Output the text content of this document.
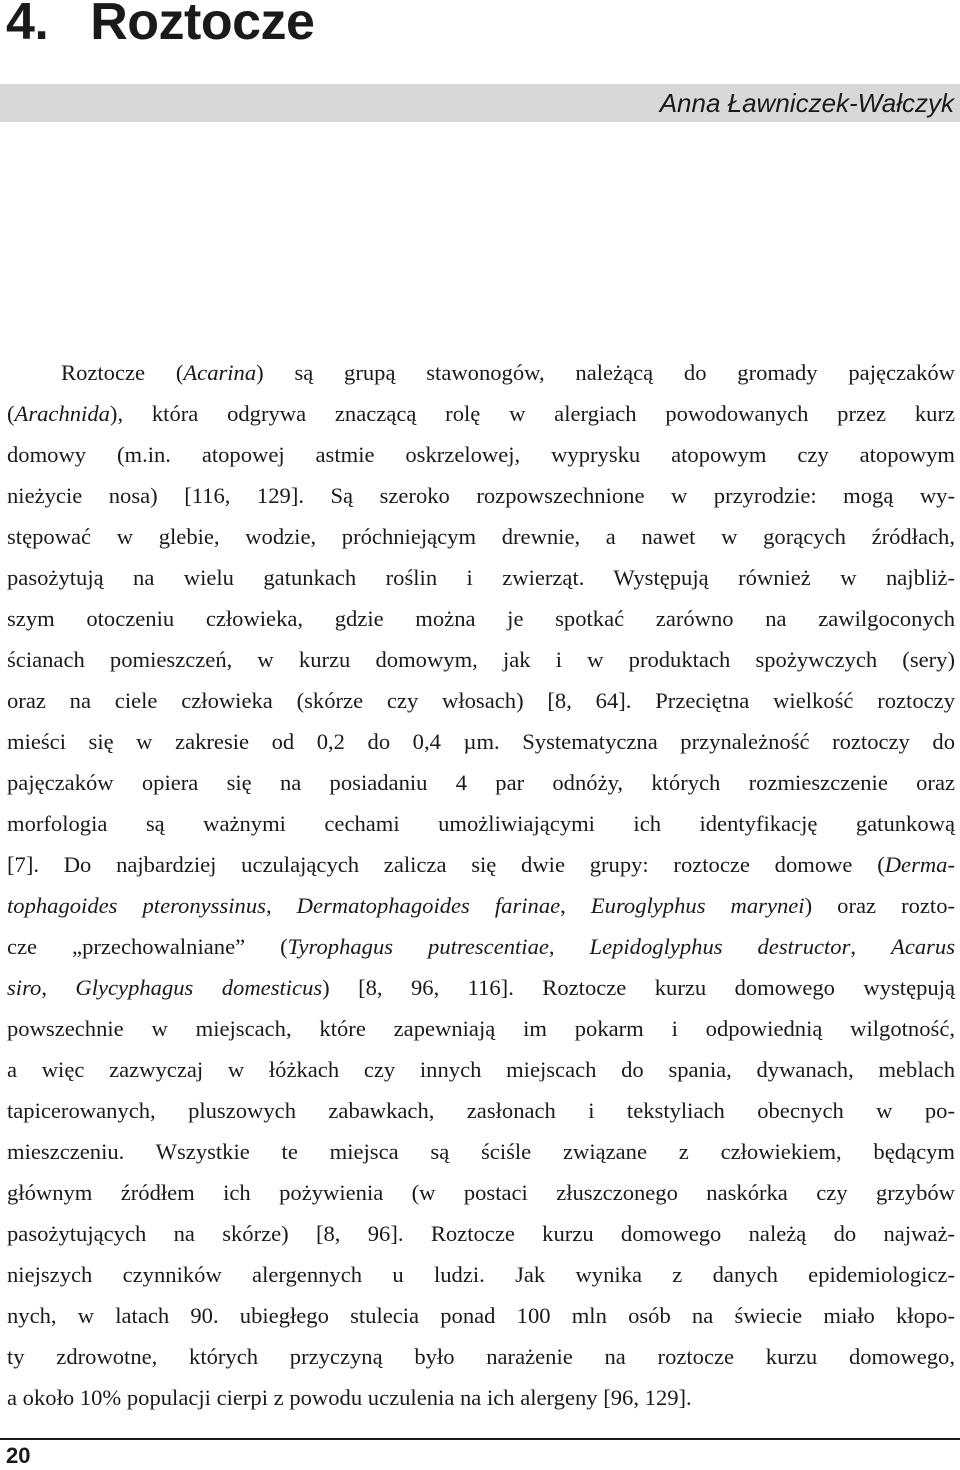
4.   Roztocze

Anna Ławniczek-Wałczyk

Roztocze (Acarina) są grupą stawonogów, należącą do gromady pajęczaków
(Arachnida), która odgrywa znaczącą rolę w alergiach powodowanych przez kurz
domowy (m.in. atopowej astmie oskrzelowej, wyprysku atopowym czy atopowym
nieżycie nosa) [116, 129]. Są szeroko rozpowszechnione w przyrodzie: mogą wy-
stępować w glebie, wodzie, próchniejącym drewnie, a nawet w gorących źródłach,
pasożytują na wielu gatunkach roślin i zwierząt. Występują również w najbliż-
szym otoczeniu człowieka, gdzie można je spotkać zarówno na zawilgoconych
ścianach pomieszczeń, w kurzu domowym, jak i w produktach spożywczych (sery)
oraz na ciele człowieka (skórze czy włosach) [8, 64]. Przeciętna wielkość roztoczy
mieści się w zakresie od 0,2 do 0,4 µm. Systematyczna przynależność roztoczy do
pajęczaków opiera się na posiadaniu 4 par odnóży, których rozmieszczenie oraz
morfologia są ważnymi cechami umożliwiającymi ich identyfikację gatunkową
[7]. Do najbardziej uczulających zalicza się dwie grupy: roztocze domowe (Derma-
tophagoides pteronyssinus, Dermatophagoides farinae, Euroglyphus marynei) oraz rozto-
cze „przechowalniane” (Tyrophagus putrescentiae, Lepidoglyphus destructor, Acarus
siro, Glycyphagus domesticus) [8, 96, 116]. Roztocze kurzu domowego występują
powszechnie w miejscach, które zapewniają im pokarm i odpowiednią wilgotność,
a więc zazwyczaj w łóżkach czy innych miejscach do spania, dywanach, meblach
tapicerowanych, pluszowych zabawkach, zasłonach i tekstyliach obecnych w po-
mieszczeniu. Wszystkie te miejsca są ściśle związane z człowiekiem, będącym
głównym źródłem ich pożywienia (w postaci złuszczonego naskórka czy grzybów
pasożytujących na skórze) [8, 96]. Roztocze kurzu domowego należą do najważ-
niejszych czynników alergennych u ludzi. Jak wynika z danych epidemiologicz-
nych, w latach 90. ubiegłego stulecia ponad 100 mln osób na świecie miało kłopo-
ty zdrowotne, których przyczyną było narażenie na roztocze kurzu domowego,
a około 10% populacji cierpi z powodu uczulenia na ich alergeny [96, 129].

20
